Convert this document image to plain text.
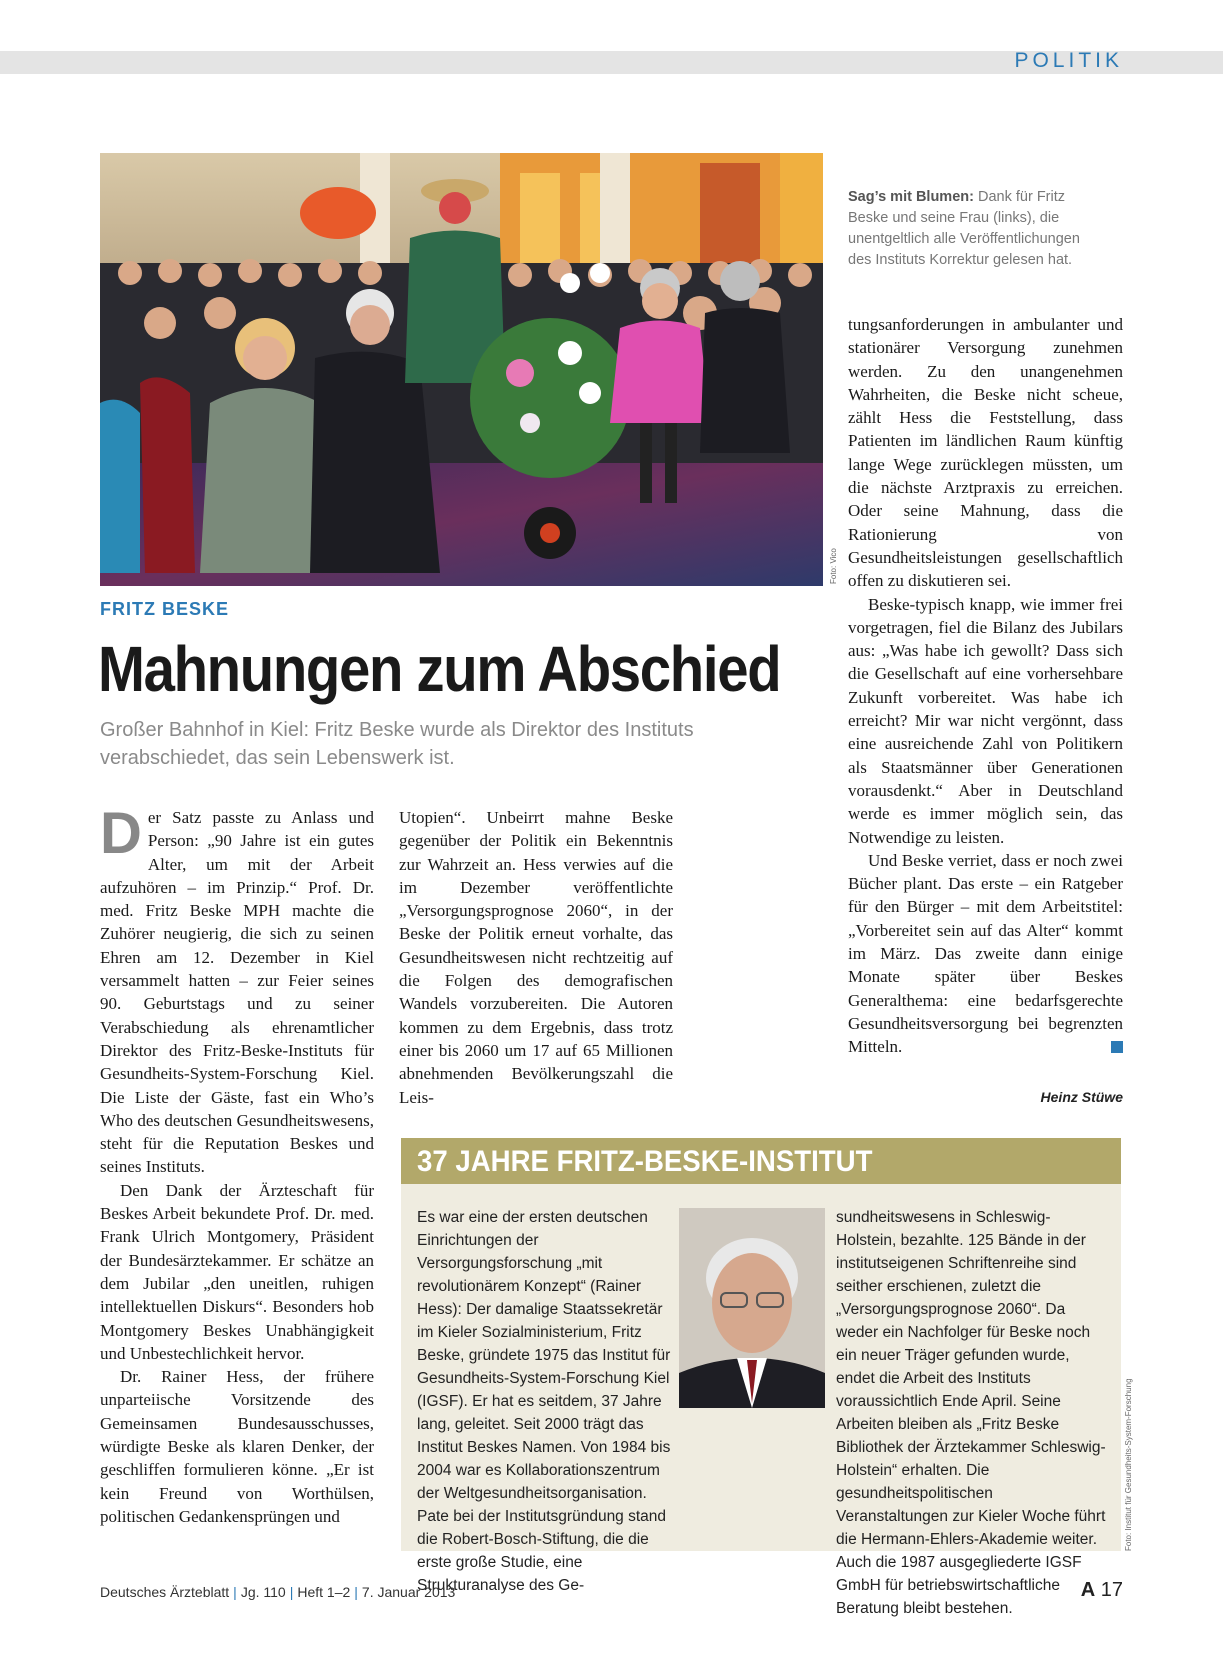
POLITIK
Foto: Vico
Sag’s mit Blumen: Dank für Fritz Beske und seine Frau (links), die unentgeltlich alle Veröffentlichungen des Instituts Korrektur gelesen hat.
FRITZ BESKE
Mahnungen zum Abschied
Großer Bahnhof in Kiel: Fritz Beske wurde als Direktor des Instituts verabschiedet, das sein Lebenswerk ist.

Der Satz passte zu Anlass und Person: „90 Jahre ist ein gutes Alter, um mit der Arbeit aufzuhören – im Prinzip.“ Prof. Dr. med. Fritz Beske MPH machte die Zuhörer neugierig, die sich zu seinen Ehren am 12. Dezember in Kiel versammelt hatten – zur Feier seines 90. Geburtstags und zu seiner Verabschiedung als ehrenamtlicher Direktor des Fritz-Beske-Instituts für Gesundheits-System-Forschung Kiel. Die Liste der Gäste, fast ein Who’s Who des deutschen Gesundheitswesens, steht für die Reputation Beskes und seines Instituts.

Den Dank der Ärzteschaft für Beskes Arbeit bekundete Prof. Dr. med. Frank Ulrich Montgomery, Präsident der Bundesärztekammer. Er schätze an dem Jubilar „den uneitlen, ruhigen intellektuellen Diskurs“. Besonders hob Montgomery Beskes Unabhängigkeit und Unbestechlichkeit hervor.

Dr. Rainer Hess, der frühere unparteiische Vorsitzende des Gemeinsamen Bundesausschusses, würdigte Beske als klaren Denker, der geschliffen formulieren könne. „Er ist kein Freund von Worthülsen, politischen Gedankensprüngen und

Utopien“. Unbeirrt mahne Beske gegenüber der Politik ein Bekenntnis zur Wahrzeit an. Hess verwies auf die im Dezember veröffentlichte „Versorgungsprognose 2060“, in der Beske der Politik erneut vorhalte, das Gesundheitswesen nicht rechtzeitig auf die Folgen des demografischen Wandels vorzubereiten. Die Autoren kommen zu dem Ergebnis, dass trotz einer bis 2060 um 17 auf 65 Millionen abnehmenden Bevölkerungszahl die Leis-

tungsanforderungen in ambulanter und stationärer Versorgung zunehmen werden. Zu den unangenehmen Wahrheiten, die Beske nicht scheue, zählt Hess die Feststellung, dass Patienten im ländlichen Raum künftig lange Wege zurücklegen müssten, um die nächste Arztpraxis zu erreichen. Oder seine Mahnung, dass die Rationierung von Gesundheitsleistungen gesellschaftlich offen zu diskutieren sei.

Beske-typisch knapp, wie immer frei vorgetragen, fiel die Bilanz des Jubilars aus: „Was habe ich gewollt? Dass sich die Gesellschaft auf eine vorhersehbare Zukunft vorbereitet. Was habe ich erreicht? Mir war nicht vergönnt, dass eine ausreichende Zahl von Politikern als Staatsmänner über Generationen vorausdenkt.“ Aber in Deutschland werde es immer möglich sein, das Notwendige zu leisten.

Und Beske verriet, dass er noch zwei Bücher plant. Das erste – ein Ratgeber für den Bürger – mit dem Arbeitstitel: „Vorbereitet sein auf das Alter“ kommt im März. Das zweite dann einige Monate später über Beskes Generalthema: eine bedarfsgerechte Gesundheitsversorgung bei begrenzten Mitteln.

Heinz Stüwe
37 JAHRE FRITZ-BESKE-INSTITUT

Es war eine der ersten deutschen Einrichtungen der Versorgungsforschung „mit revolutionärem Konzept“ (Rainer Hess): Der damalige Staatssekretär im Kieler Sozialministerium, Fritz Beske, gründete 1975 das Institut für Gesundheits-System-Forschung Kiel (IGSF). Er hat es seitdem, 37 Jahre lang, geleitet. Seit 2000 trägt das Institut Beskes Namen. Von 1984 bis 2004 war es Kollaborationszentrum der Weltgesundheitsorganisation. Pate bei der Institutsgründung stand die Robert-Bosch-Stiftung, die die erste große Studie, eine Strukturanalyse des Ge-

sundheitswesens in Schleswig-Holstein, bezahlte. 125 Bände in der institutseigenen Schriftenreihe sind seither erschienen, zuletzt die „Versorgungsprognose 2060“. Da weder ein Nachfolger für Beske noch ein neuer Träger gefunden wurde, endet die Arbeit des Instituts voraussichtlich Ende April. Seine Arbeiten bleiben als „Fritz Beske Bibliothek der Ärztekammer Schleswig-Holstein“ erhalten. Die gesundheitspolitischen Veranstaltungen zur Kieler Woche führt die Hermann-Ehlers-Akademie weiter. Auch die 1987 ausgegliederte IGSF GmbH für betriebswirtschaftliche Beratung bleibt bestehen.

Foto: Institut für Gesundheits-System-Forschung
Deutsches Ärzteblatt | Jg. 110 | Heft 1–2 | 7. Januar 2013	A 17
